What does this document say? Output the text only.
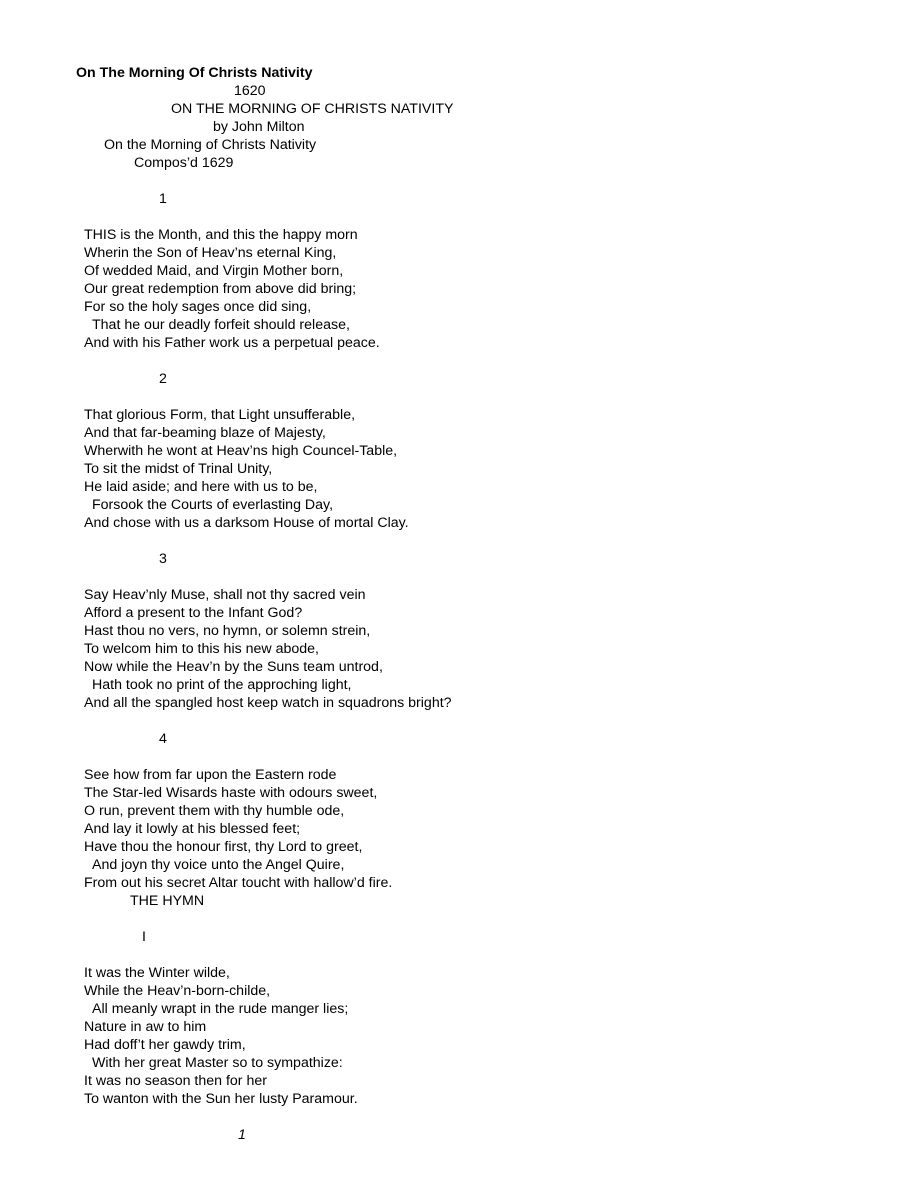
On The Morning Of Christs Nativity
1620
ON THE MORNING OF CHRISTS NATIVITY
by John Milton
On the Morning of Christs Nativity
Compos’d 1629
1
THIS is the Month, and this the happy morn
Wherin the Son of Heav’ns eternal King,
Of wedded Maid, and Virgin Mother born,
Our great redemption from above did bring;
For so the holy sages once did sing,
That he our deadly forfeit should release,
And with his Father work us a perpetual peace.
2
That glorious Form, that Light unsufferable,
And that far-beaming blaze of Majesty,
Wherwith he wont at Heav’ns high Councel-Table,
To sit the midst of Trinal Unity,
He laid aside; and here with us to be,
Forsook the Courts of everlasting Day,
And chose with us a darksom House of mortal Clay.
3
Say Heav’nly Muse, shall not thy sacred vein
Afford a present to the Infant God?
Hast thou no vers, no hymn, or solemn strein,
To welcom him to this his new abode,
Now while the Heav’n by the Suns team untrod,
Hath took no print of the approching light,
And all the spangled host keep watch in squadrons bright?
4
See how from far upon the Eastern rode
The Star-led Wisards haste with odours sweet,
O run, prevent them with thy humble ode,
And lay it lowly at his blessed feet;
Have thou the honour first, thy Lord to greet,
And joyn thy voice unto the Angel Quire,
From out his secret Altar toucht with hallow’d fire.
THE HYMN
I
It was the Winter wilde,
While the Heav’n-born-childe,
All meanly wrapt in the rude manger lies;
Nature in aw to him
Had doff’t her gawdy trim,
With her great Master so to sympathize:
It was no season then for her
To wanton with the Sun her lusty Paramour.
1
